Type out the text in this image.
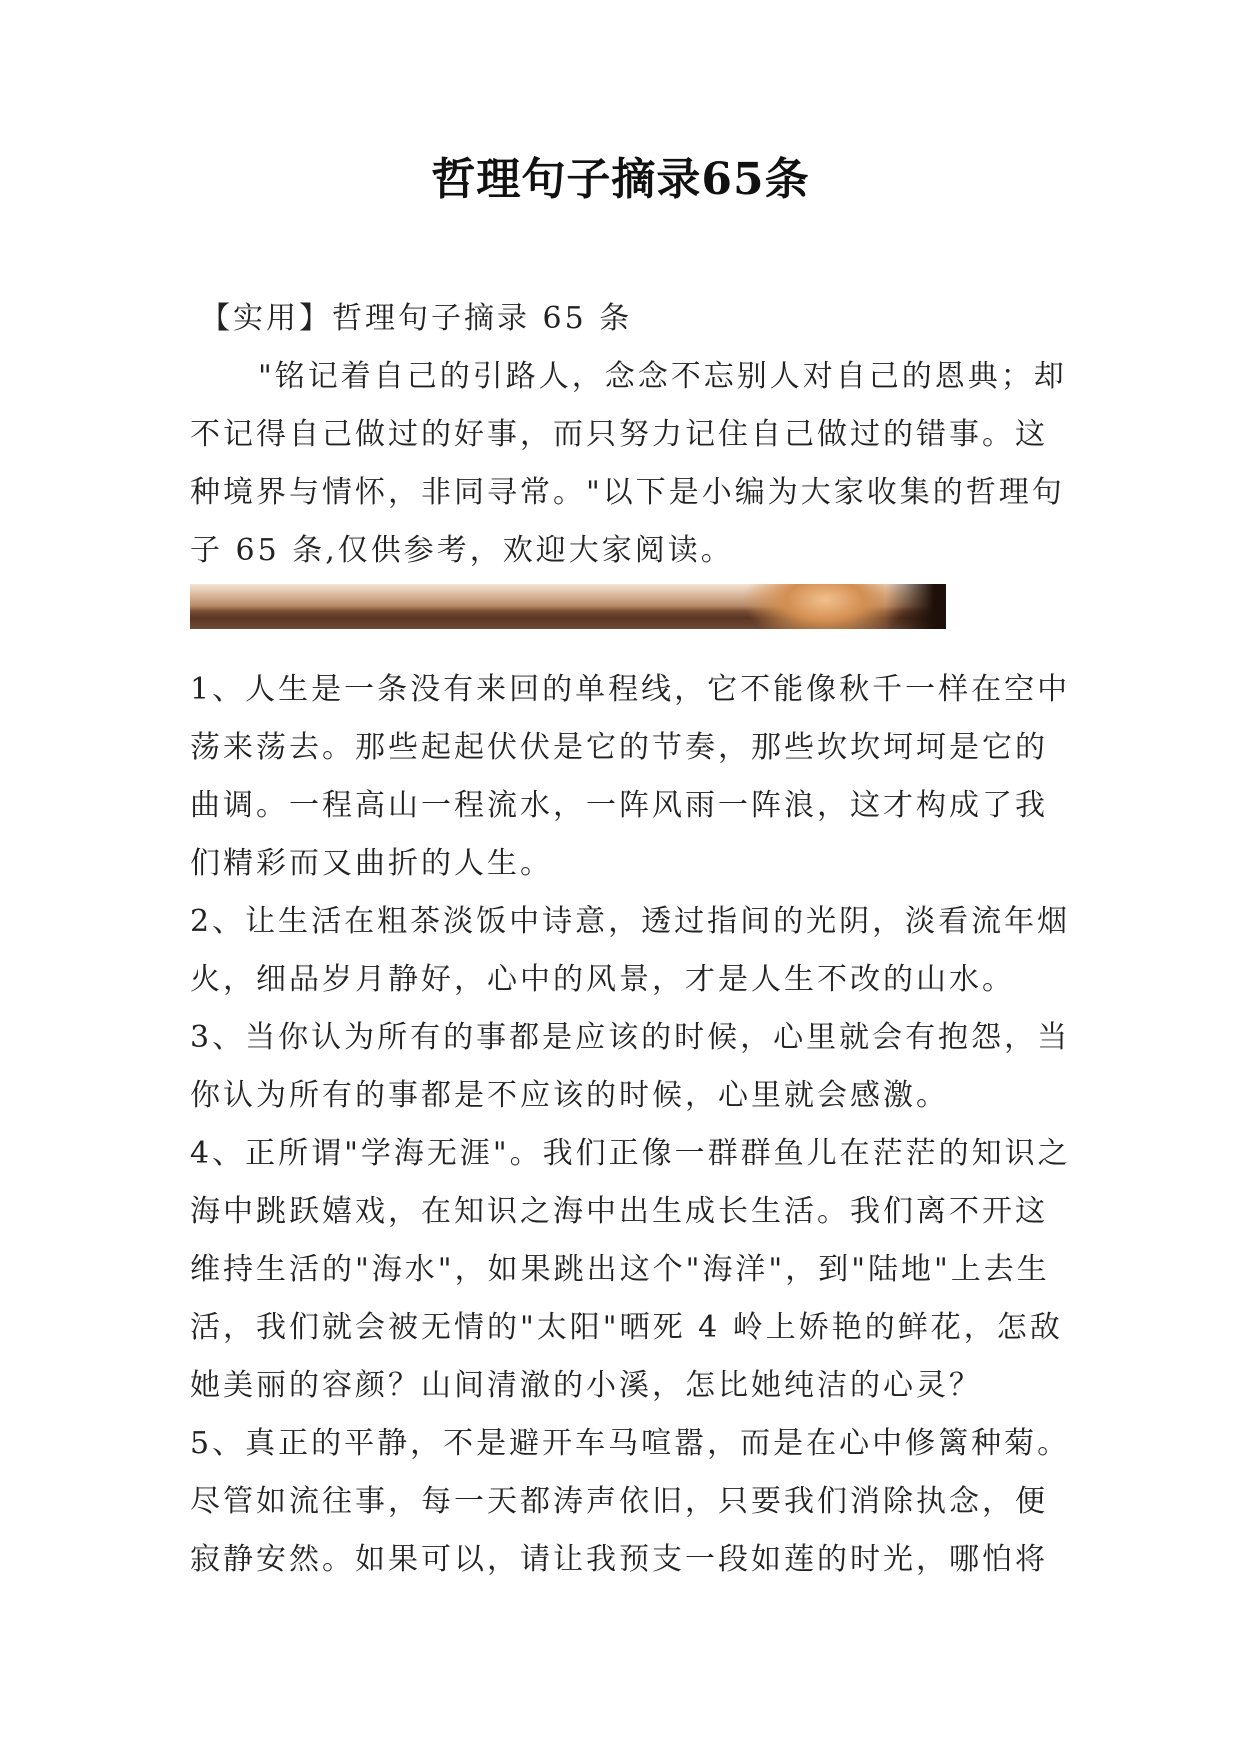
哲理句子摘录65条

【实用】哲理句子摘录 65 条

"铭记着自己的引路人，念念不忘别人对自己的恩典；却不记得自己做过的好事，而只努力记住自己做过的错事。这种境界与情怀，非同寻常。"以下是小编为大家收集的哲理句子 65 条,仅供参考，欢迎大家阅读。

1、人生是一条没有来回的单程线，它不能像秋千一样在空中荡来荡去。那些起起伏伏是它的节奏，那些坎坎坷坷是它的曲调。一程高山一程流水，一阵风雨一阵浪，这才构成了我们精彩而又曲折的人生。

2、让生活在粗茶淡饭中诗意，透过指间的光阴，淡看流年烟火，细品岁月静好，心中的风景，才是人生不改的山水。

3、当你认为所有的事都是应该的时候，心里就会有抱怨，当你认为所有的事都是不应该的时候，心里就会感激。

4、正所谓"学海无涯"。我们正像一群群鱼儿在茫茫的知识之海中跳跃嬉戏，在知识之海中出生成长生活。我们离不开这维持生活的"海水"，如果跳出这个"海洋"，到"陆地"上去生活，我们就会被无情的"太阳"晒死 4 岭上娇艳的鲜花，怎敌她美丽的容颜？山间清澈的小溪，怎比她纯洁的心灵？

5、真正的平静，不是避开车马喧嚣，而是在心中修篱种菊。尽管如流往事，每一天都涛声依旧，只要我们消除执念，便寂静安然。如果可以，请让我预支一段如莲的时光，哪怕将
